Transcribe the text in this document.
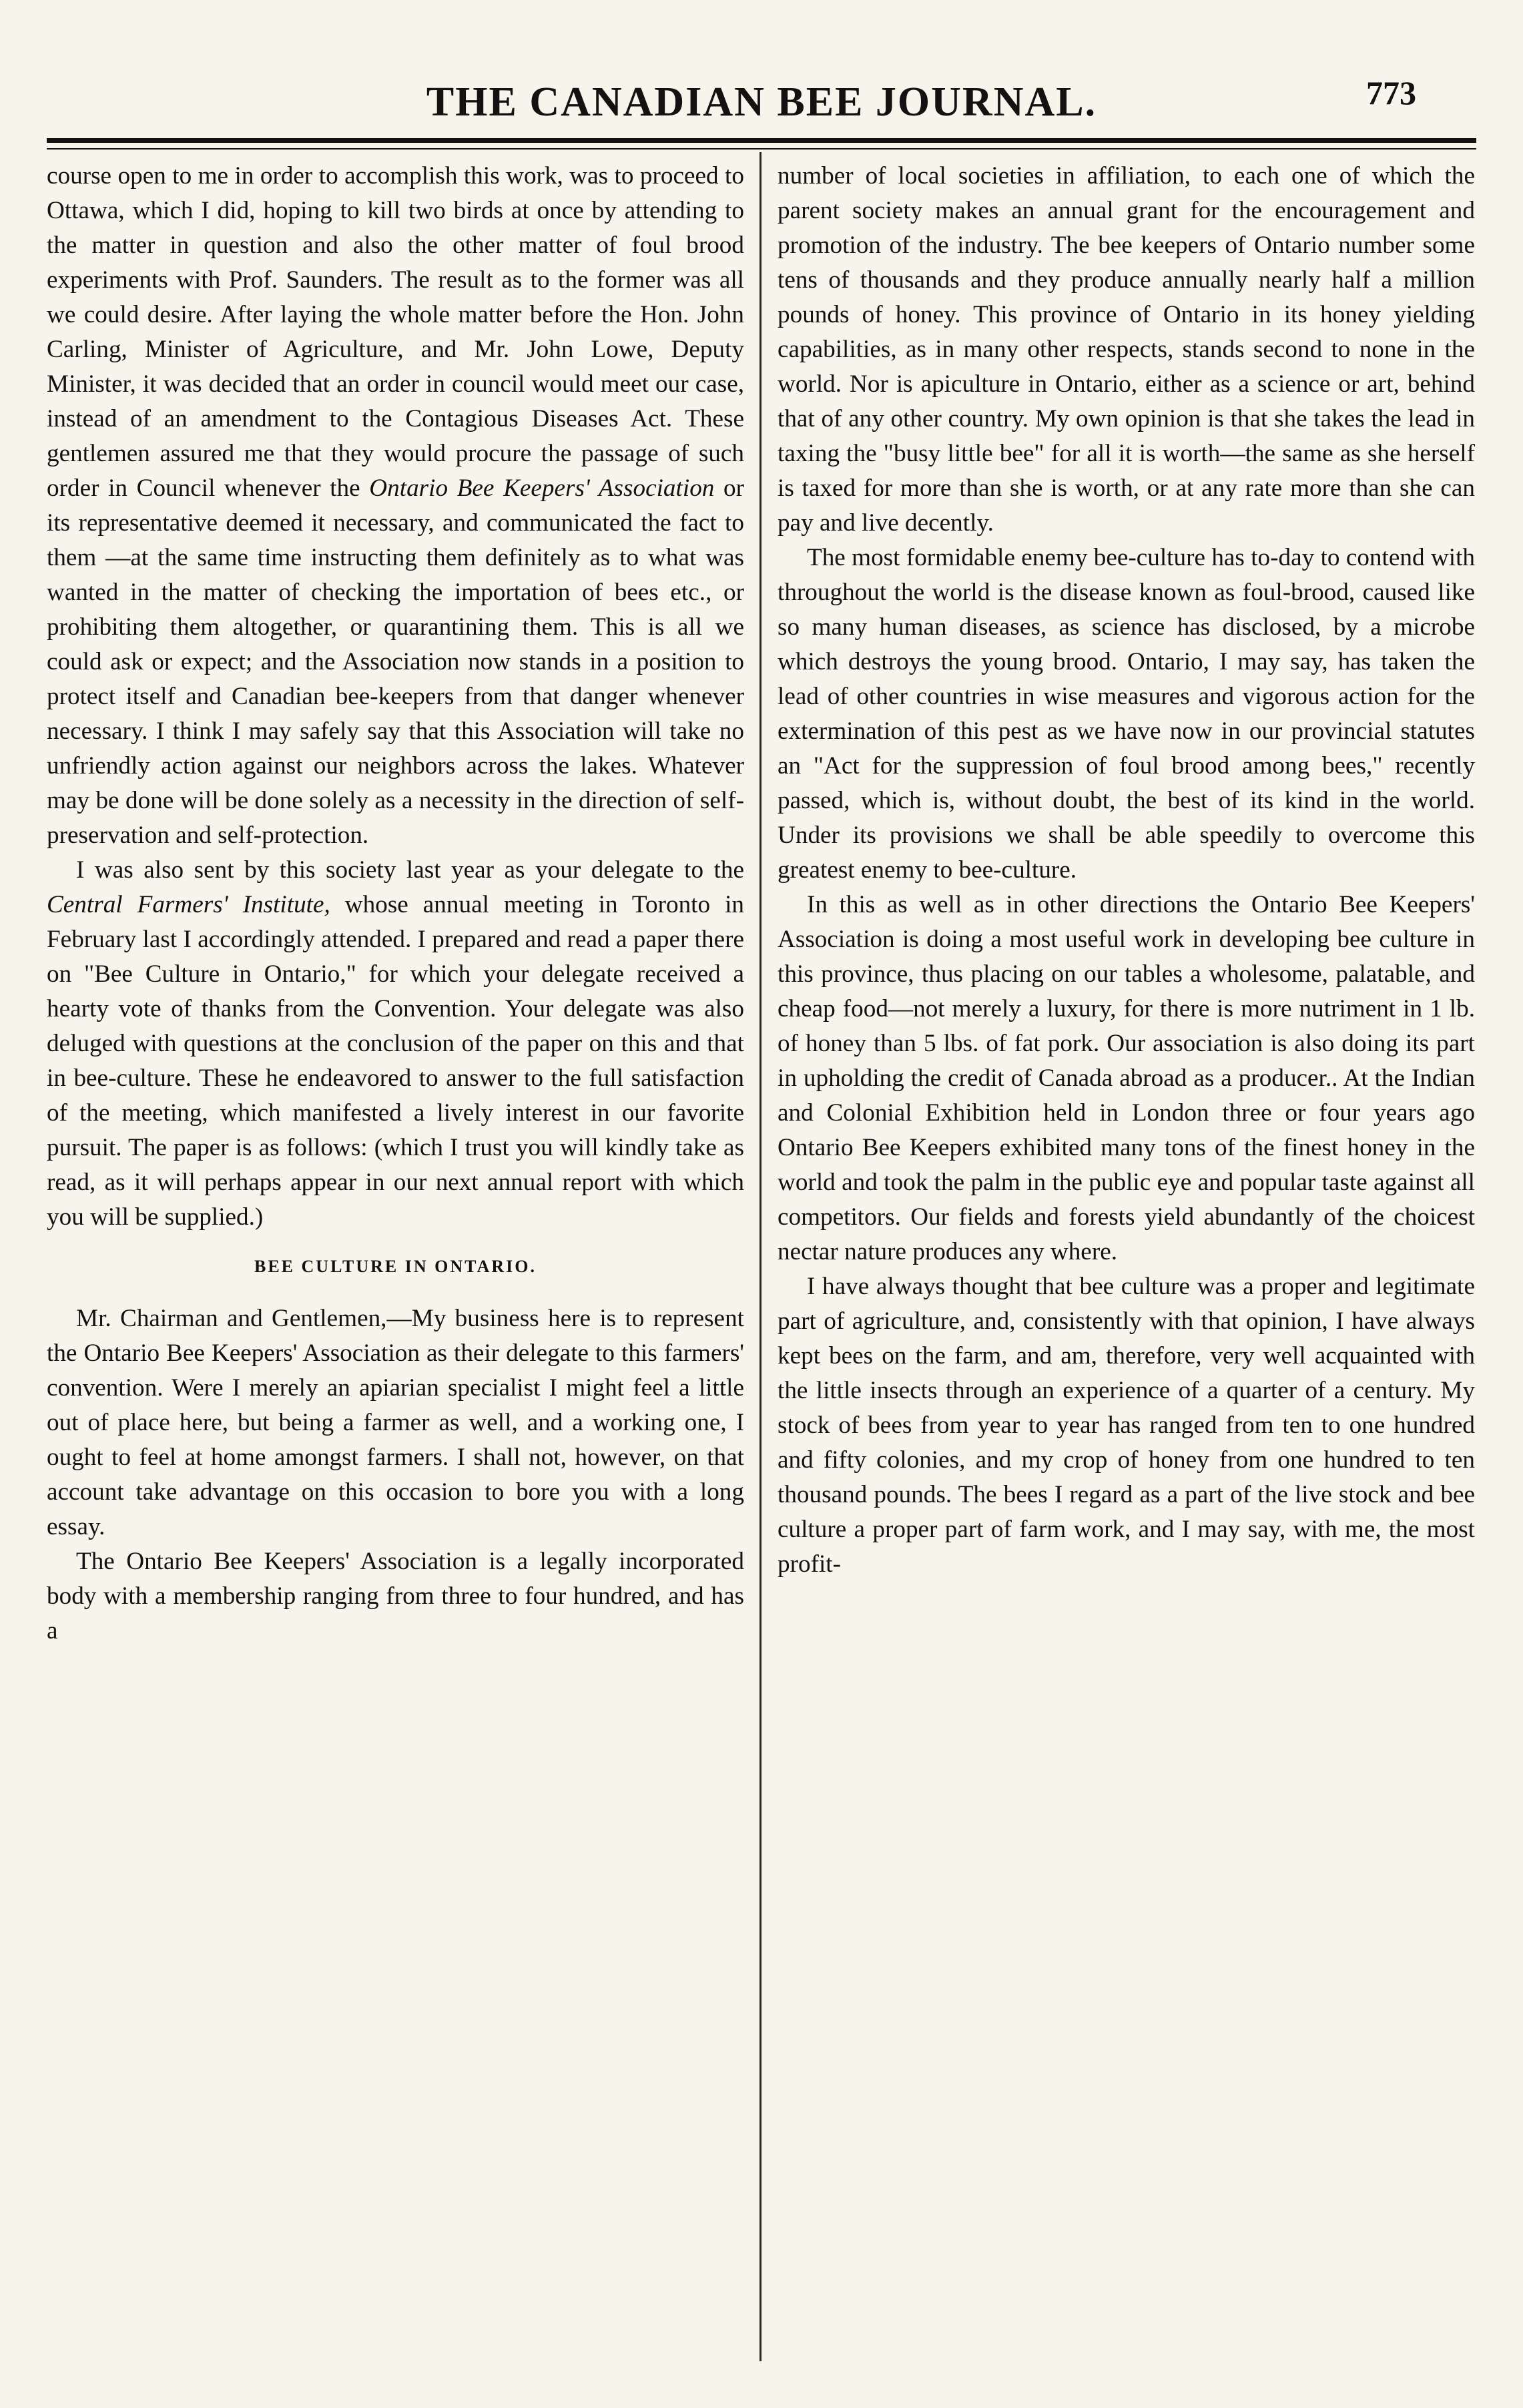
THE CANADIAN BEE JOURNAL.	773

course open to me in order to accomplish this work, was to proceed to Ottawa, which I did, hoping to kill two birds at once by attending to the matter in question and also the other matter of foul brood experiments with Prof. Saunders. The result as to the former was all we could desire. After laying the whole matter before the Hon. John Carling, Minister of Agriculture, and Mr. John Lowe, Deputy Minister, it was decided that an order in council would meet our case, instead of an amendment to the Contagious Diseases Act. These gentlemen assured me that they would procure the passage of such order in Council whenever the Ontario Bee Keepers' Association or its representative deemed it necessary, and communicated the fact to them —at the same time instructing them definitely as to what was wanted in the matter of checking the importation of bees etc., or prohibiting them altogether, or quarantining them. This is all we could ask or expect; and the Association now stands in a position to protect itself and Canadian bee-keepers from that danger whenever necessary. I think I may safely say that this Association will take no unfriendly action against our neighbors across the lakes. Whatever may be done will be done solely as a necessity in the direction of self-preservation and self-protection.

I was also sent by this society last year as your delegate to the Central Farmers' Institute, whose annual meeting in Toronto in February last I accordingly attended. I prepared and read a paper there on "Bee Culture in Ontario," for which your delegate received a hearty vote of thanks from the Convention. Your delegate was also deluged with questions at the conclusion of the paper on this and that in bee-culture. These he endeavored to answer to the full satisfaction of the meeting, which manifested a lively interest in our favorite pursuit. The paper is as follows: (which I trust you will kindly take as read, as it will perhaps appear in our next annual report with which you will be supplied.)

BEE CULTURE IN ONTARIO.

Mr. Chairman and Gentlemen,—My business here is to represent the Ontario Bee Keepers' Association as their delegate to this farmers' convention. Were I merely an apiarian specialist I might feel a little out of place here, but being a farmer as well, and a working one, I ought to feel at home amongst farmers. I shall not, however, on that account take advantage on this occasion to bore you with a long essay.

The Ontario Bee Keepers' Association is a legally incorporated body with a membership ranging from three to four hundred, and has a

number of local societies in affiliation, to each one of which the parent society makes an annual grant for the encouragement and promotion of the industry. The bee keepers of Ontario number some tens of thousands and they produce annually nearly half a million pounds of honey. This province of Ontario in its honey yielding capabilities, as in many other respects, stands second to none in the world. Nor is apiculture in Ontario, either as a science or art, behind that of any other country. My own opinion is that she takes the lead in taxing the "busy little bee" for all it is worth—the same as she herself is taxed for more than she is worth, or at any rate more than she can pay and live decently.

The most formidable enemy bee-culture has to-day to contend with throughout the world is the disease known as foul-brood, caused like so many human diseases, as science has disclosed, by a microbe which destroys the young brood. Ontario, I may say, has taken the lead of other countries in wise measures and vigorous action for the extermination of this pest as we have now in our provincial statutes an "Act for the suppression of foul brood among bees," recently passed, which is, without doubt, the best of its kind in the world. Under its provisions we shall be able speedily to overcome this greatest enemy to bee-culture.

In this as well as in other directions the Ontario Bee Keepers' Association is doing a most useful work in developing bee culture in this province, thus placing on our tables a wholesome, palatable, and cheap food—not merely a luxury, for there is more nutriment in 1 lb. of honey than 5 lbs. of fat pork. Our association is also doing its part in upholding the credit of Canada abroad as a producer.. At the Indian and Colonial Exhibition held in London three or four years ago Ontario Bee Keepers exhibited many tons of the finest honey in the world and took the palm in the public eye and popular taste against all competitors. Our fields and forests yield abundantly of the choicest nectar nature produces any where.

I have always thought that bee culture was a proper and legitimate part of agriculture, and, consistently with that opinion, I have always kept bees on the farm, and am, therefore, very well acquainted with the little insects through an experience of a quarter of a century. My stock of bees from year to year has ranged from ten to one hundred and fifty colonies, and my crop of honey from one hundred to ten thousand pounds. The bees I regard as a part of the live stock and bee culture a proper part of farm work, and I may say, with me, the most profit-
